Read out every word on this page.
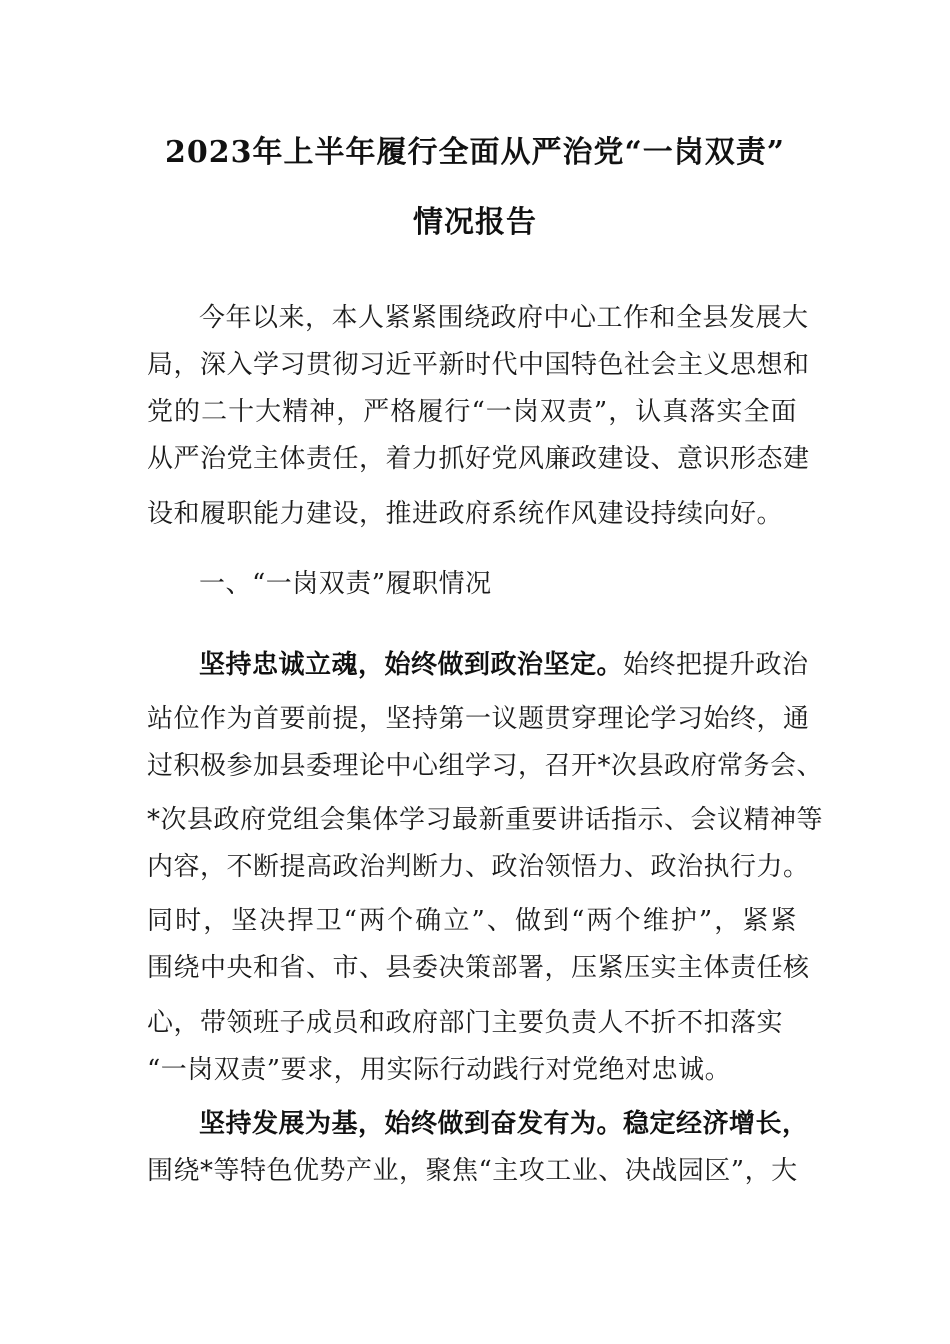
2023年上半年履行全面从严治党“一岗双责”
情况报告
今年以来，本人紧紧围绕政府中心工作和全县发展大
局，深入学习贯彻习近平新时代中国特色社会主义思想和
党的二十大精神，严格履行“一岗双责”，认真落实全面
从严治党主体责任，着力抓好党风廉政建设、意识形态建
设和履职能力建设，推进政府系统作风建设持续向好。
一、“一岗双责”履职情况
坚持忠诚立魂，始终做到政治坚定。始终把提升政治
站位作为首要前提，坚持第一议题贯穿理论学习始终，通
过积极参加县委理论中心组学习，召开*次县政府常务会、
*次县政府党组会集体学习最新重要讲话指示、会议精神等
内容，不断提高政治判断力、政治领悟力、政治执行力。
同时，坚决捍卫“两个确立”、做到“两个维护”，紧紧
围绕中央和省、市、县委决策部署，压紧压实主体责任核
心，带领班子成员和政府部门主要负责人不折不扣落实
“一岗双责”要求，用实际行动践行对党绝对忠诚。
坚持发展为基，始终做到奋发有为。稳定经济增长，
围绕*等特色优势产业，聚焦“主攻工业、决战园区”，大
